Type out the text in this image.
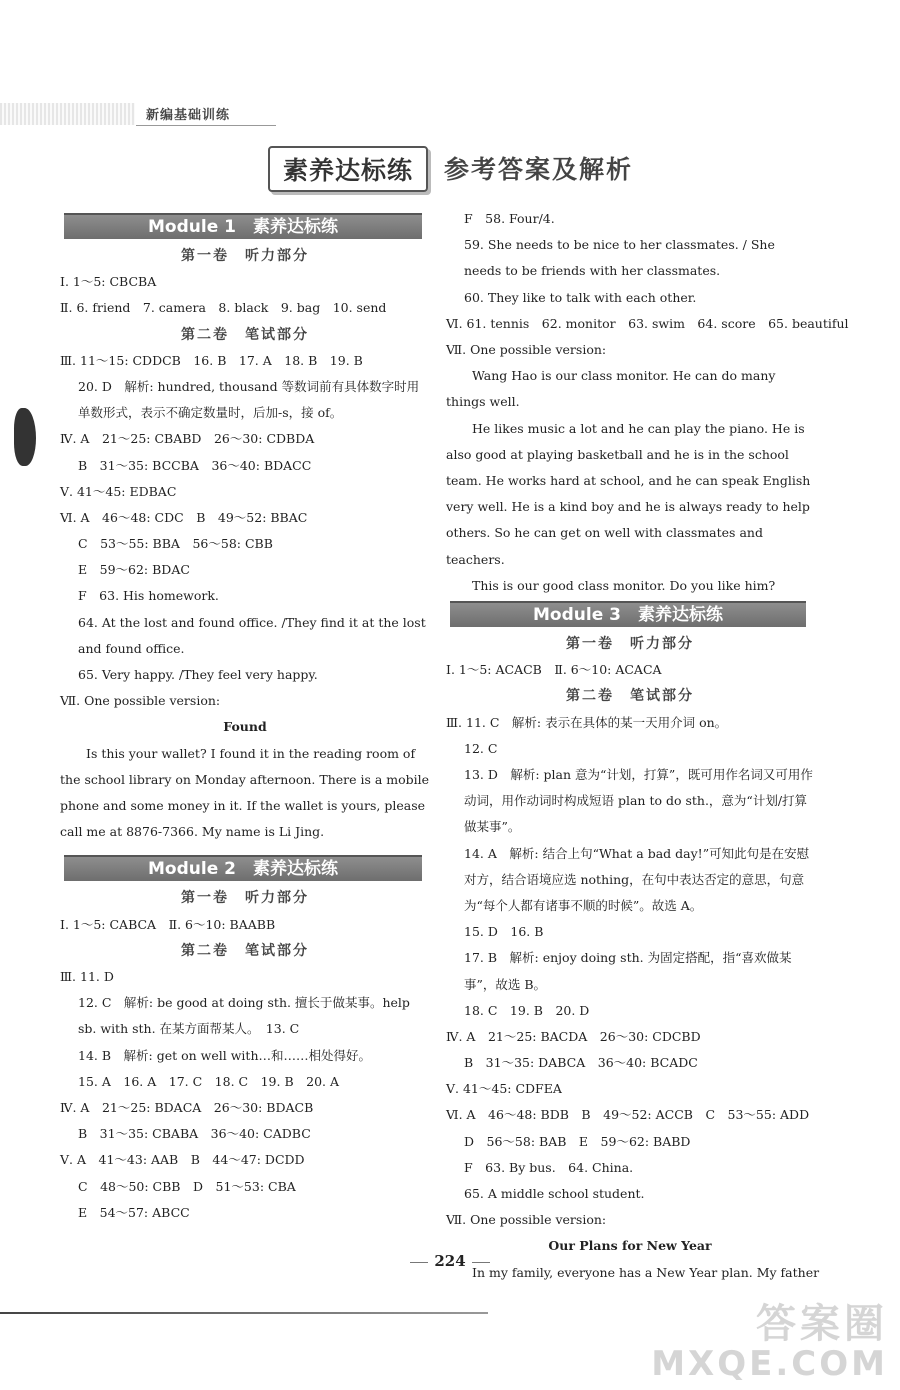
新编基础训练
素养达标练	参考答案及解析
Module 1　素养达标练
第一卷　听力部分
Ⅰ. 1～5: CBCBA
Ⅱ. 6. friend　7. camera　8. black　9. bag　10. send
第二卷　笔试部分
Ⅲ. 11～15: CDDCB　16. B　17. A　18. B　19. B
20. D　解析: hundred, thousand 等数词前有具体数字时用单数形式，表示不确定数量时，后加-s，接 of。
Ⅳ. A　21～25: CBABD　26～30: CDBDA
B　31～35: BCCBA　36～40: BDACC
Ⅴ. 41～45: EDBAC
Ⅵ. A　46～48: CDC　B　49～52: BBAC
C　53～55: BBA　56～58: CBB
E　59～62: BDAC
F　63. His homework.
64. At the lost and found office. /They find it at the lost and found office.
65. Very happy. /They feel very happy.
Ⅶ. One possible version:
Found
Is this your wallet? I found it in the reading room of the school library on Monday afternoon. There is a mobile phone and some money in it. If the wallet is yours, please call me at 8876-7366. My name is Li Jing.
Module 2　素养达标练
第一卷　听力部分
Ⅰ. 1～5: CABCA　Ⅱ. 6～10: BAABB
第二卷　笔试部分
Ⅲ. 11. D
12. C　解析: be good at doing sth. 擅长于做某事。help sb. with sth. 在某方面帮某人。　13. C
14. B　解析: get on well with…和……相处得好。
15. A　16. A　17. C　18. C　19. B　20. A
Ⅳ. A　21～25: BDACA　26～30: BDACB
B　31～35: CBABA　36～40: CADBC
Ⅴ. A　41～43: AAB　B　44～47: DCDD
C　48～50: CBB　D　51～53: CBA
E　54～57: ABCC
F　58. Four/4.
59. She needs to be nice to her classmates. / She needs to be friends with her classmates.
60. They like to talk with each other.
Ⅵ. 61. tennis　62. monitor　63. swim　64. score　65. beautiful
Ⅶ. One possible version:
Wang Hao is our class monitor. He can do many things well.
He likes music a lot and he can play the piano. He is also good at playing basketball and he is in the school team. He works hard at school, and he can speak English very well. He is a kind boy and he is always ready to help others. So he can get on well with classmates and teachers.
This is our good class monitor. Do you like him?
Module 3　素养达标练
第一卷　听力部分
Ⅰ. 1～5: ACACB　Ⅱ. 6～10: ACACA
第二卷　笔试部分
Ⅲ. 11. C　解析: 表示在具体的某一天用介词 on。
12. C
13. D　解析: plan 意为“计划，打算”，既可用作名词又可用作动词，用作动词时构成短语 plan to do sth.，意为“计划/打算做某事”。
14. A　解析: 结合上句“What a bad day!”可知此句是在安慰对方，结合语境应选 nothing，在句中表达否定的意思，句意为“每个人都有诸事不顺的时候”。故选 A。
15. D　16. B
17. B　解析: enjoy doing sth. 为固定搭配，指“喜欢做某事”，故选 B。
18. C　19. B　20. D
Ⅳ. A　21～25: BACDA　26～30: CDCBD
B　31～35: DABCA　36～40: BCADC
Ⅴ. 41～45: CDFEA
Ⅵ. A　46～48: BDB　B　49～52: ACCB　C　53～55: ADD
D　56～58: BAB　E　59～62: BABD
F　63. By bus.　64. China.
65. A middle school student.
Ⅶ. One possible version:
Our Plans for New Year
In my family, everyone has a New Year plan. My father
224
答案圈
MXQE.COM
